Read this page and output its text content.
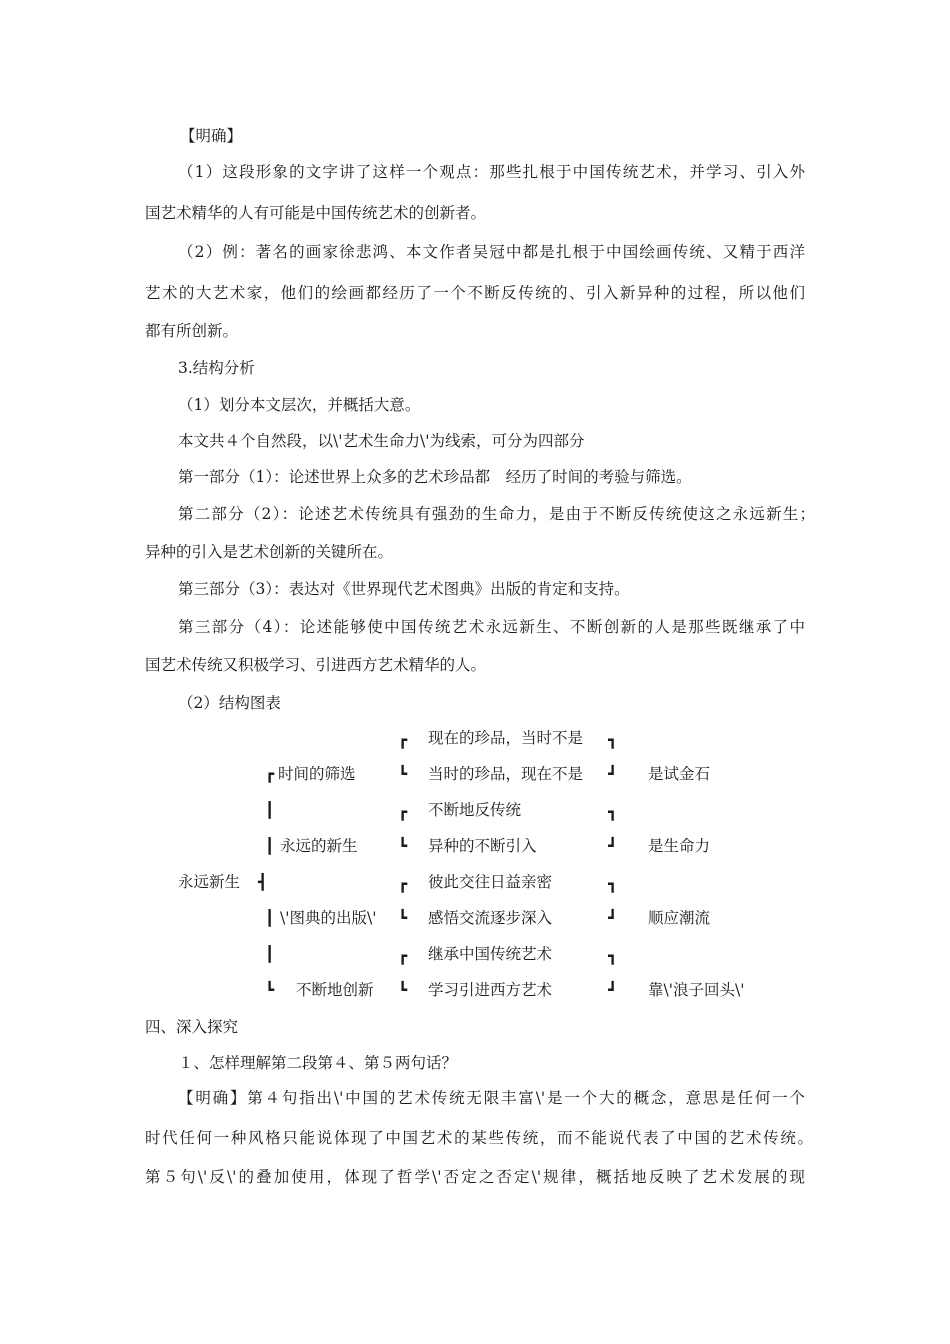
【明确】
（1）这段形象的文字讲了这样一个观点：那些扎根于中国传统艺术，并学习、引入外
国艺术精华的人有可能是中国传统艺术的创新者。
（2）例：著名的画家徐悲鸿、本文作者吴冠中都是扎根于中国绘画传统、又精于西洋
艺术的大艺术家，他们的绘画都经历了一个不断反传统的、引入新异种的过程，所以他们
都有所创新。
3.结构分析
（1）划分本文层次，并概括大意。
本文共４个自然段，以\'艺术生命力\'为线索，可分为四部分
第一部分（1）：论述世界上众多的艺术珍品都　经历了时间的考验与筛选。
第二部分（2）：论述艺术传统具有强劲的生命力，是由于不断反传统使这之永远新生；
异种的引入是艺术创新的关键所在。
第三部分（3）：表达对《世界现代艺术图典》出版的肯定和支持。
第三部分（4）：论述能够使中国传统艺术永远新生、不断创新的人是那些既继承了中
国艺术传统又积极学习、引进西方艺术精华的人。
（2）结构图表
永远新生 ┫
┏ 时间的筛选
┃
┃ 永远的新生
┃ \'图典的出版\'
┃
┗ 不断地创新
┏ 现在的珍品，当时不是
┗ 当时的珍品，现在不是
┏ 不断地反传统
┗ 异种的不断引入
┏ 彼此交往日益亲密
┗ 感悟交流逐步深入
┏ 继承中国传统艺术
┗ 学习引进西方艺术
┓
┛
┓
┛
┓
┛
┓
┛
是试金石
是生命力
顺应潮流
靠\'浪子回头\'
四、深入探究
１、怎样理解第二段第４、第５两句话？
【明确】第４句指出\'中国的艺术传统无限丰富\'是一个大的概念，意思是任何一个
时代任何一种风格只能说体现了中国艺术的某些传统，而不能说代表了中国的艺术传统。
第５句\'反\'的叠加使用，体现了哲学\'否定之否定\'规律，概括地反映了艺术发展的现
